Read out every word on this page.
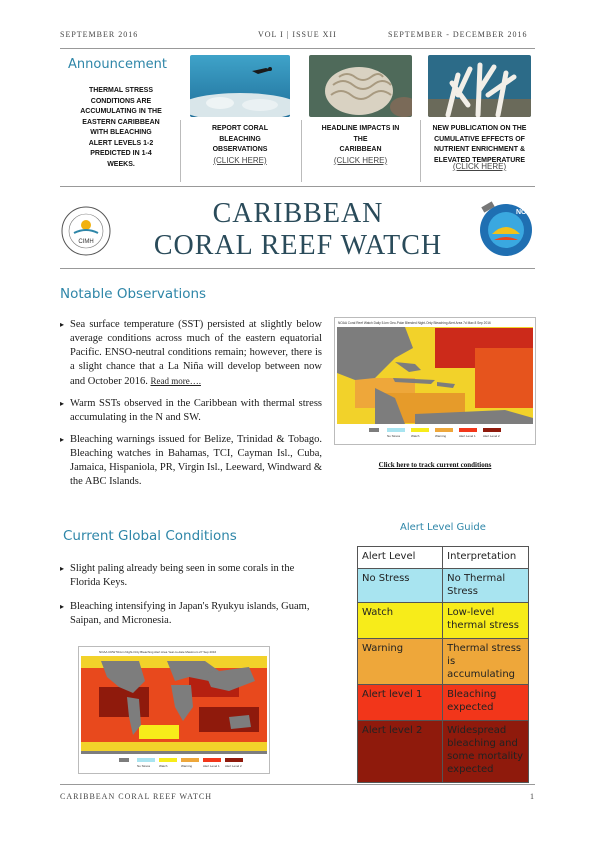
SEPTEMBER 2016	VOL I | ISSUE XII	SEPTEMBER - DECEMBER 2016
Announcement
THERMAL STRESS
CONDITIONS ARE
ACCUMULATING IN THE
EASTERN CARIBBEAN
WITH BLEACHING
ALERT LEVELS 1-2
PREDICTED IN 1-4
WEEKS.
REPORT CORAL
BLEACHING
OBSERVATIONS
(CLICK HERE)
HEADLINE IMPACTS IN
THE
CARIBBEAN
(CLICK HERE)
NEW PUBLICATION ON THE
CUMULATIVE EFFECTS OF
NUTRIENT ENRICHMENT &
ELEVATED TEMPERATURE
(CLICK HERE)
CIMH
CARIBBEAN
CORAL REEF WATCH
NOAA
Notable Observations
▸ Sea surface temperature (SST) persisted at slightly below average conditions across much of the eastern equatorial Pacific. ENSO-neutral conditions remain; however, there is a slight chance that a La Niña will develop between now and October 2016. Read more….
▸ Warm SSTs observed in the Caribbean with thermal stress accumulating in the N and SW.
▸ Bleaching warnings issued for Belize, Trinidad & Tobago. Bleaching watches in Bahamas, TCI, Cayman Isl., Cuba, Jamaica, Hispaniola, PR, Virgin Isl., Leeward, Windward & the ABC Islands.
NOAA Coral Reef Watch Daily 5-km Geo-Polar Blended Night-Only Bleaching Alert Area 7d Max 8 Sep 2016
No Stress	Watch	Warning	Alert Level 1 Alert Level 2
Click here to track current conditions
Current Global Conditions
▸ Slight paling already being seen in some corals in the Florida Keys.
▸ Bleaching intensifying in Japan's Ryukyu islands, Guam, Saipan, and Micronesia.
NOAA CRW 50-km Night-Only Bleaching Alert Area Year-to-date Maximum 27 Sep 2016
No Stress	Watch	Warning	Alert Level 1 Alert Level 2
Alert Level Guide
Alert Level	Interpretation
No Stress	No Thermal Stress
Watch	Low-level thermal stress
Warning	Thermal stress is accumulating
Alert level 1	Bleaching expected
Alert level 2	Widespread bleaching and some mortality expected
CARIBBEAN CORAL REEF WATCH	1
